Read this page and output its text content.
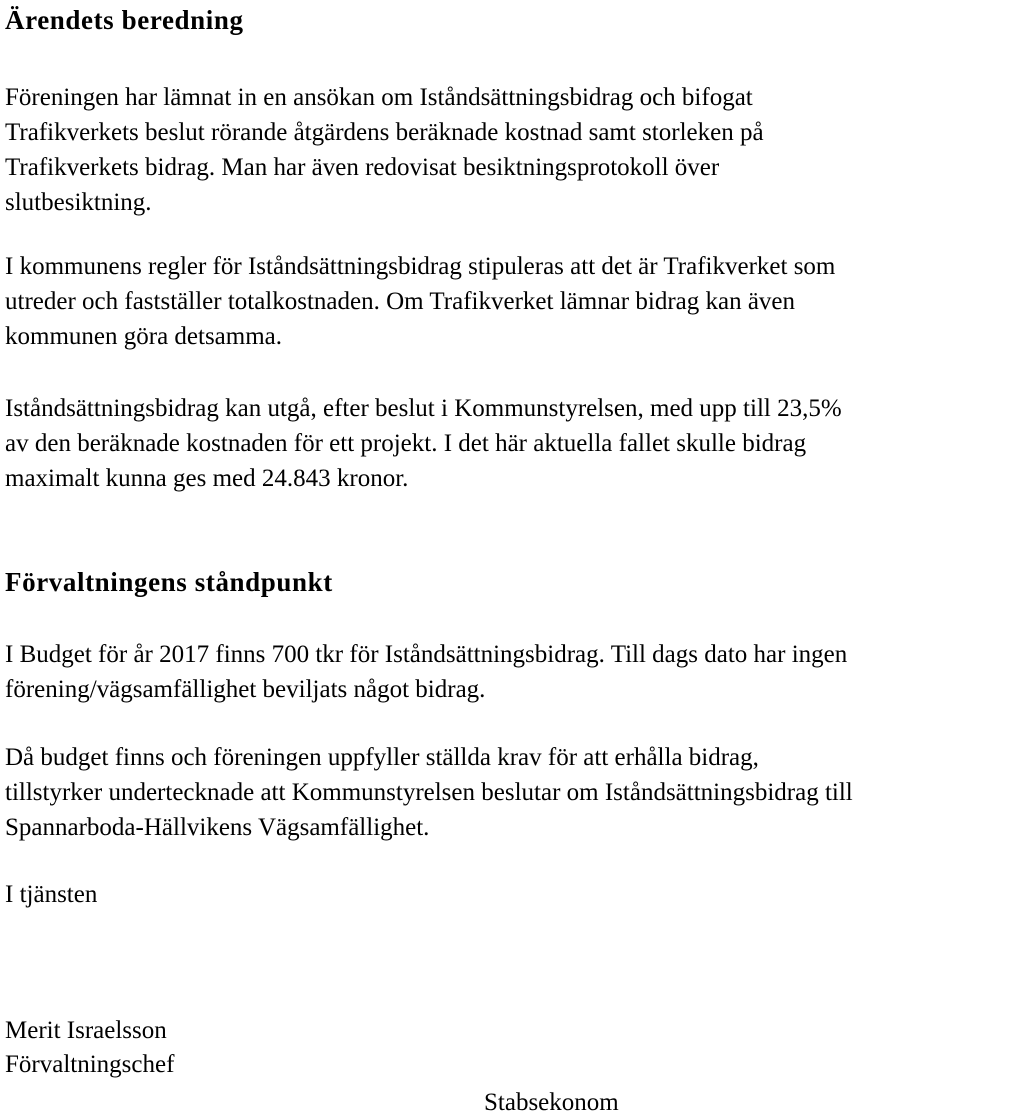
Ärendets beredning

Föreningen har lämnat in en ansökan om Iståndsättningsbidrag och bifogat
Trafikverkets beslut rörande åtgärdens beräknade kostnad samt storleken på
Trafikverkets bidrag. Man har även redovisat besiktningsprotokoll över
slutbesiktning.

I kommunens regler för Iståndsättningsbidrag stipuleras att det är Trafikverket som
utreder och fastställer totalkostnaden. Om Trafikverket lämnar bidrag kan även
kommunen göra detsamma.

Iståndsättningsbidrag kan utgå, efter beslut i Kommunstyrelsen, med upp till 23,5%
av den beräknade kostnaden för ett projekt. I det här aktuella fallet skulle bidrag
maximalt kunna ges med 24.843 kronor.

Förvaltningens ståndpunkt

I Budget för år 2017 finns 700 tkr för Iståndsättningsbidrag. Till dags dato har ingen
förening/vägsamfällighet beviljats något bidrag.

Då budget finns och föreningen uppfyller ställda krav för att erhålla bidrag,
tillstyrker undertecknade att Kommunstyrelsen beslutar om Iståndsättningsbidrag till
Spannarboda-Hällvikens Vägsamfällighet.

I tjänsten

Merit Israelsson

Förvaltningschef

Stabsekonom
